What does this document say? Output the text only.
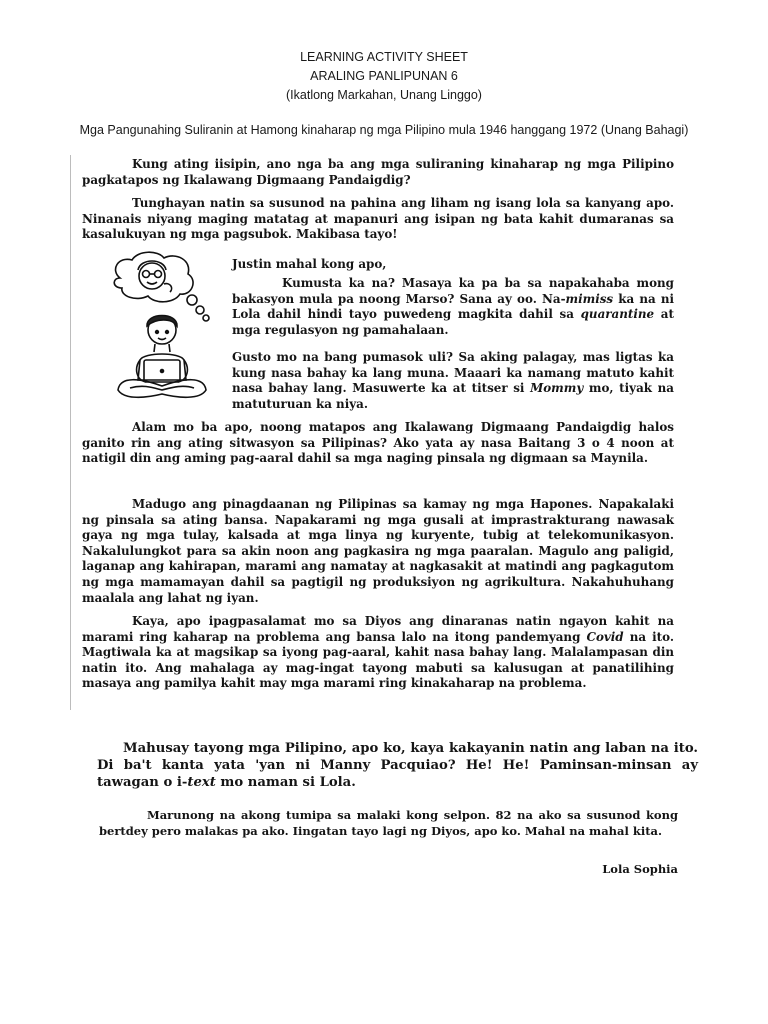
LEARNING ACTIVITY SHEET
ARALING PANLIPUNAN 6
(Ikatlong Markahan, Unang Linggo)
Mga Pangunahing Suliranin at Hamong kinaharap ng mga Pilipino mula 1946 hanggang 1972 (Unang Bahagi)

Kung ating iisipin, ano nga ba ang mga suliraning kinaharap ng mga Pilipino pagkatapos ng Ikalawang Digmaang Pandaigdig?

Tunghayan natin sa susunod na pahina ang liham ng isang lola sa kanyang apo. Ninanais niyang maging matatag at mapanuri ang isipan ng bata kahit dumaranas sa kasalukuyan ng mga pagsubok. Makibasa tayo!

Justin mahal kong apo,

Kumusta ka na? Masaya ka pa ba sa napakahaba mong bakasyon mula pa noong Marso? Sana ay oo. Na-mimiss ka na ni Lola dahil hindi tayo puwedeng magkita dahil sa quarantine at mga regulasyon ng pamahalaan.

Gusto mo na bang pumasok uli? Sa aking palagay, mas ligtas ka kung nasa bahay ka lang muna. Maaari ka namang matuto kahit nasa bahay lang. Masuwerte ka at titser si Mommy mo, tiyak na matuturuan ka niya.

Alam mo ba apo, noong matapos ang Ikalawang Digmaang Pandaigdig halos ganito rin ang ating sitwasyon sa Pilipinas? Ako yata ay nasa Baitang 3 o 4 noon at natigil din ang aming pag-aaral dahil sa mga naging pinsala ng digmaan sa Maynila.

Madugo ang pinagdaanan ng Pilipinas sa kamay ng mga Hapones. Napakalaki ng pinsala sa ating bansa. Napakarami ng mga gusali at imprastrakturang nawasak gaya ng mga tulay, kalsada at mga linya ng kuryente, tubig at telekomunikasyon. Nakalulungkot para sa akin noon ang pagkasira ng mga paaralan. Magulo ang paligid, laganap ang kahirapan, marami ang namatay at nagkasakit at matindi ang pagkagutom ng mga mamamayan dahil sa pagtigil ng produksiyon ng agrikultura. Nakahuhuhang maalala ang lahat ng iyan.

Kaya, apo ipagpasalamat mo sa Diyos ang dinaranas natin ngayon kahit na marami ring kaharap na problema ang bansa lalo na itong pandemyang Covid na ito. Magtiwala ka at magsikap sa iyong pag-aaral, kahit nasa bahay lang. Malalampasan din natin ito. Ang mahalaga ay mag-ingat tayong mabuti sa kalusugan at panatilihing masaya ang pamilya kahit may mga marami ring kinakaharap na problema.

Mahusay tayong mga Pilipino, apo ko, kaya kakayanin natin ang laban na ito. Di ba't kanta yata 'yan ni Manny Pacquiao? He! He! Paminsan-minsan ay tawagan o i-text mo naman si Lola.

Marunong na akong tumipa sa malaki kong selpon. 82 na ako sa susunod kong bertdey pero malakas pa ako. Iingatan tayo lagi ng Diyos, apo ko. Mahal na mahal kita.

Lola Sophia
